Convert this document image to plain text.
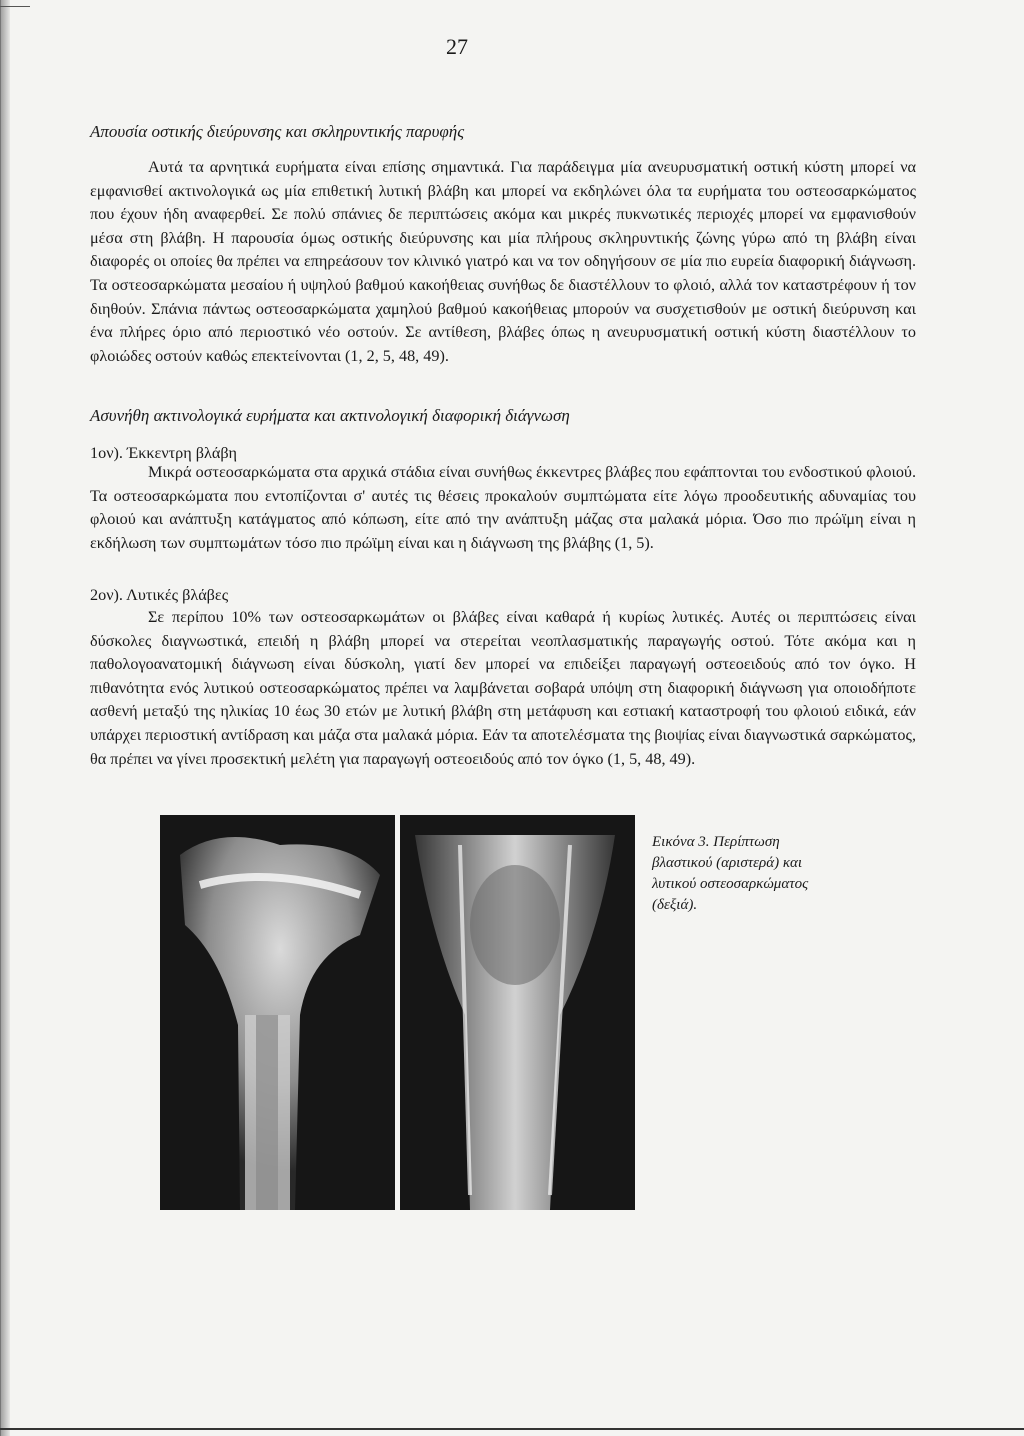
27
Απουσία οστικής διεύρυνσης και σκληρυντικής παρυφής

Αυτά τα αρνητικά ευρήματα είναι επίσης σημαντικά. Για παράδειγμα μία ανευρυσματική οστική κύστη μπορεί να εμφανισθεί ακτινολογικά ως μία επιθετική λυτική βλάβη και μπορεί να εκδηλώνει όλα τα ευρήματα του οστεοσαρκώματος που έχουν ήδη αναφερθεί. Σε πολύ σπάνιες δε περιπτώσεις ακόμα και μικρές πυκνωτικές περιοχές μπορεί να εμφανισθούν μέσα στη βλάβη. Η παρουσία όμως οστικής διεύρυνσης και μία πλήρους σκληρυντικής ζώνης γύρω από τη βλάβη είναι διαφορές οι οποίες θα πρέπει να επηρεάσουν τον κλινικό γιατρό και να τον οδηγήσουν σε μία πιο ευρεία διαφορική διάγνωση. Τα οστεοσαρκώματα μεσαίου ή υψηλού βαθμού κακοήθειας συνήθως δε διαστέλλουν το φλοιό, αλλά τον καταστρέφουν ή τον διηθούν. Σπάνια πάντως οστεοσαρκώματα χαμηλού βαθμού κακοήθειας μπορούν να συσχετισθούν με οστική διεύρυνση και ένα πλήρες όριο από περιοστικό νέο οστούν. Σε αντίθεση, βλάβες όπως η ανευρυσματική οστική κύστη διαστέλλουν το φλοιώδες οστούν καθώς επεκτείνονται (1, 2, 5, 48, 49).

Ασυνήθη ακτινολογικά ευρήματα και ακτινολογική διαφορική διάγνωση

1ον). Έκκεντρη βλάβη

Μικρά οστεοσαρκώματα στα αρχικά στάδια είναι συνήθως έκκεντρες βλάβες που εφάπτονται του ενδοστικού φλοιού. Τα οστεοσαρκώματα που εντοπίζονται σ' αυτές τις θέσεις προκαλούν συμπτώματα είτε λόγω προοδευτικής αδυναμίας του φλοιού και ανάπτυξη κατάγματος από κόπωση, είτε από την ανάπτυξη μάζας στα μαλακά μόρια. Όσο πιο πρώϊμη είναι η εκδήλωση των συμπτωμάτων τόσο πιο πρώϊμη είναι και η διάγνωση της βλάβης (1, 5).

2ον). Λυτικές βλάβες

Σε περίπου 10% των οστεοσαρκωμάτων οι βλάβες είναι καθαρά ή κυρίως λυτικές. Αυτές οι περιπτώσεις είναι δύσκολες διαγνωστικά, επειδή η βλάβη μπορεί να στερείται νεοπλασματικής παραγωγής οστού. Τότε ακόμα και η παθολογοανατομική διάγνωση είναι δύσκολη, γιατί δεν μπορεί να επιδείξει παραγωγή οστεοειδούς από τον όγκο. Η πιθανότητα ενός λυτικού οστεοσαρκώματος πρέπει να λαμβάνεται σοβαρά υπόψη στη διαφορική διάγνωση για οποιοδήποτε ασθενή μεταξύ της ηλικίας 10 έως 30 ετών με λυτική βλάβη στη μετάφυση και εστιακή καταστροφή του φλοιού ειδικά, εάν υπάρχει περιοστική αντίδραση και μάζα στα μαλακά μόρια. Εάν τα αποτελέσματα της βιοψίας είναι διαγνωστικά σαρκώματος, θα πρέπει να γίνει προσεκτική μελέτη για παραγωγή οστεοειδούς από τον όγκο (1, 5, 48, 49).

Εικόνα 3. Περίπτωση βλαστικού (αριστερά) και λυτικού οστεοσαρκώματος (δεξιά).
